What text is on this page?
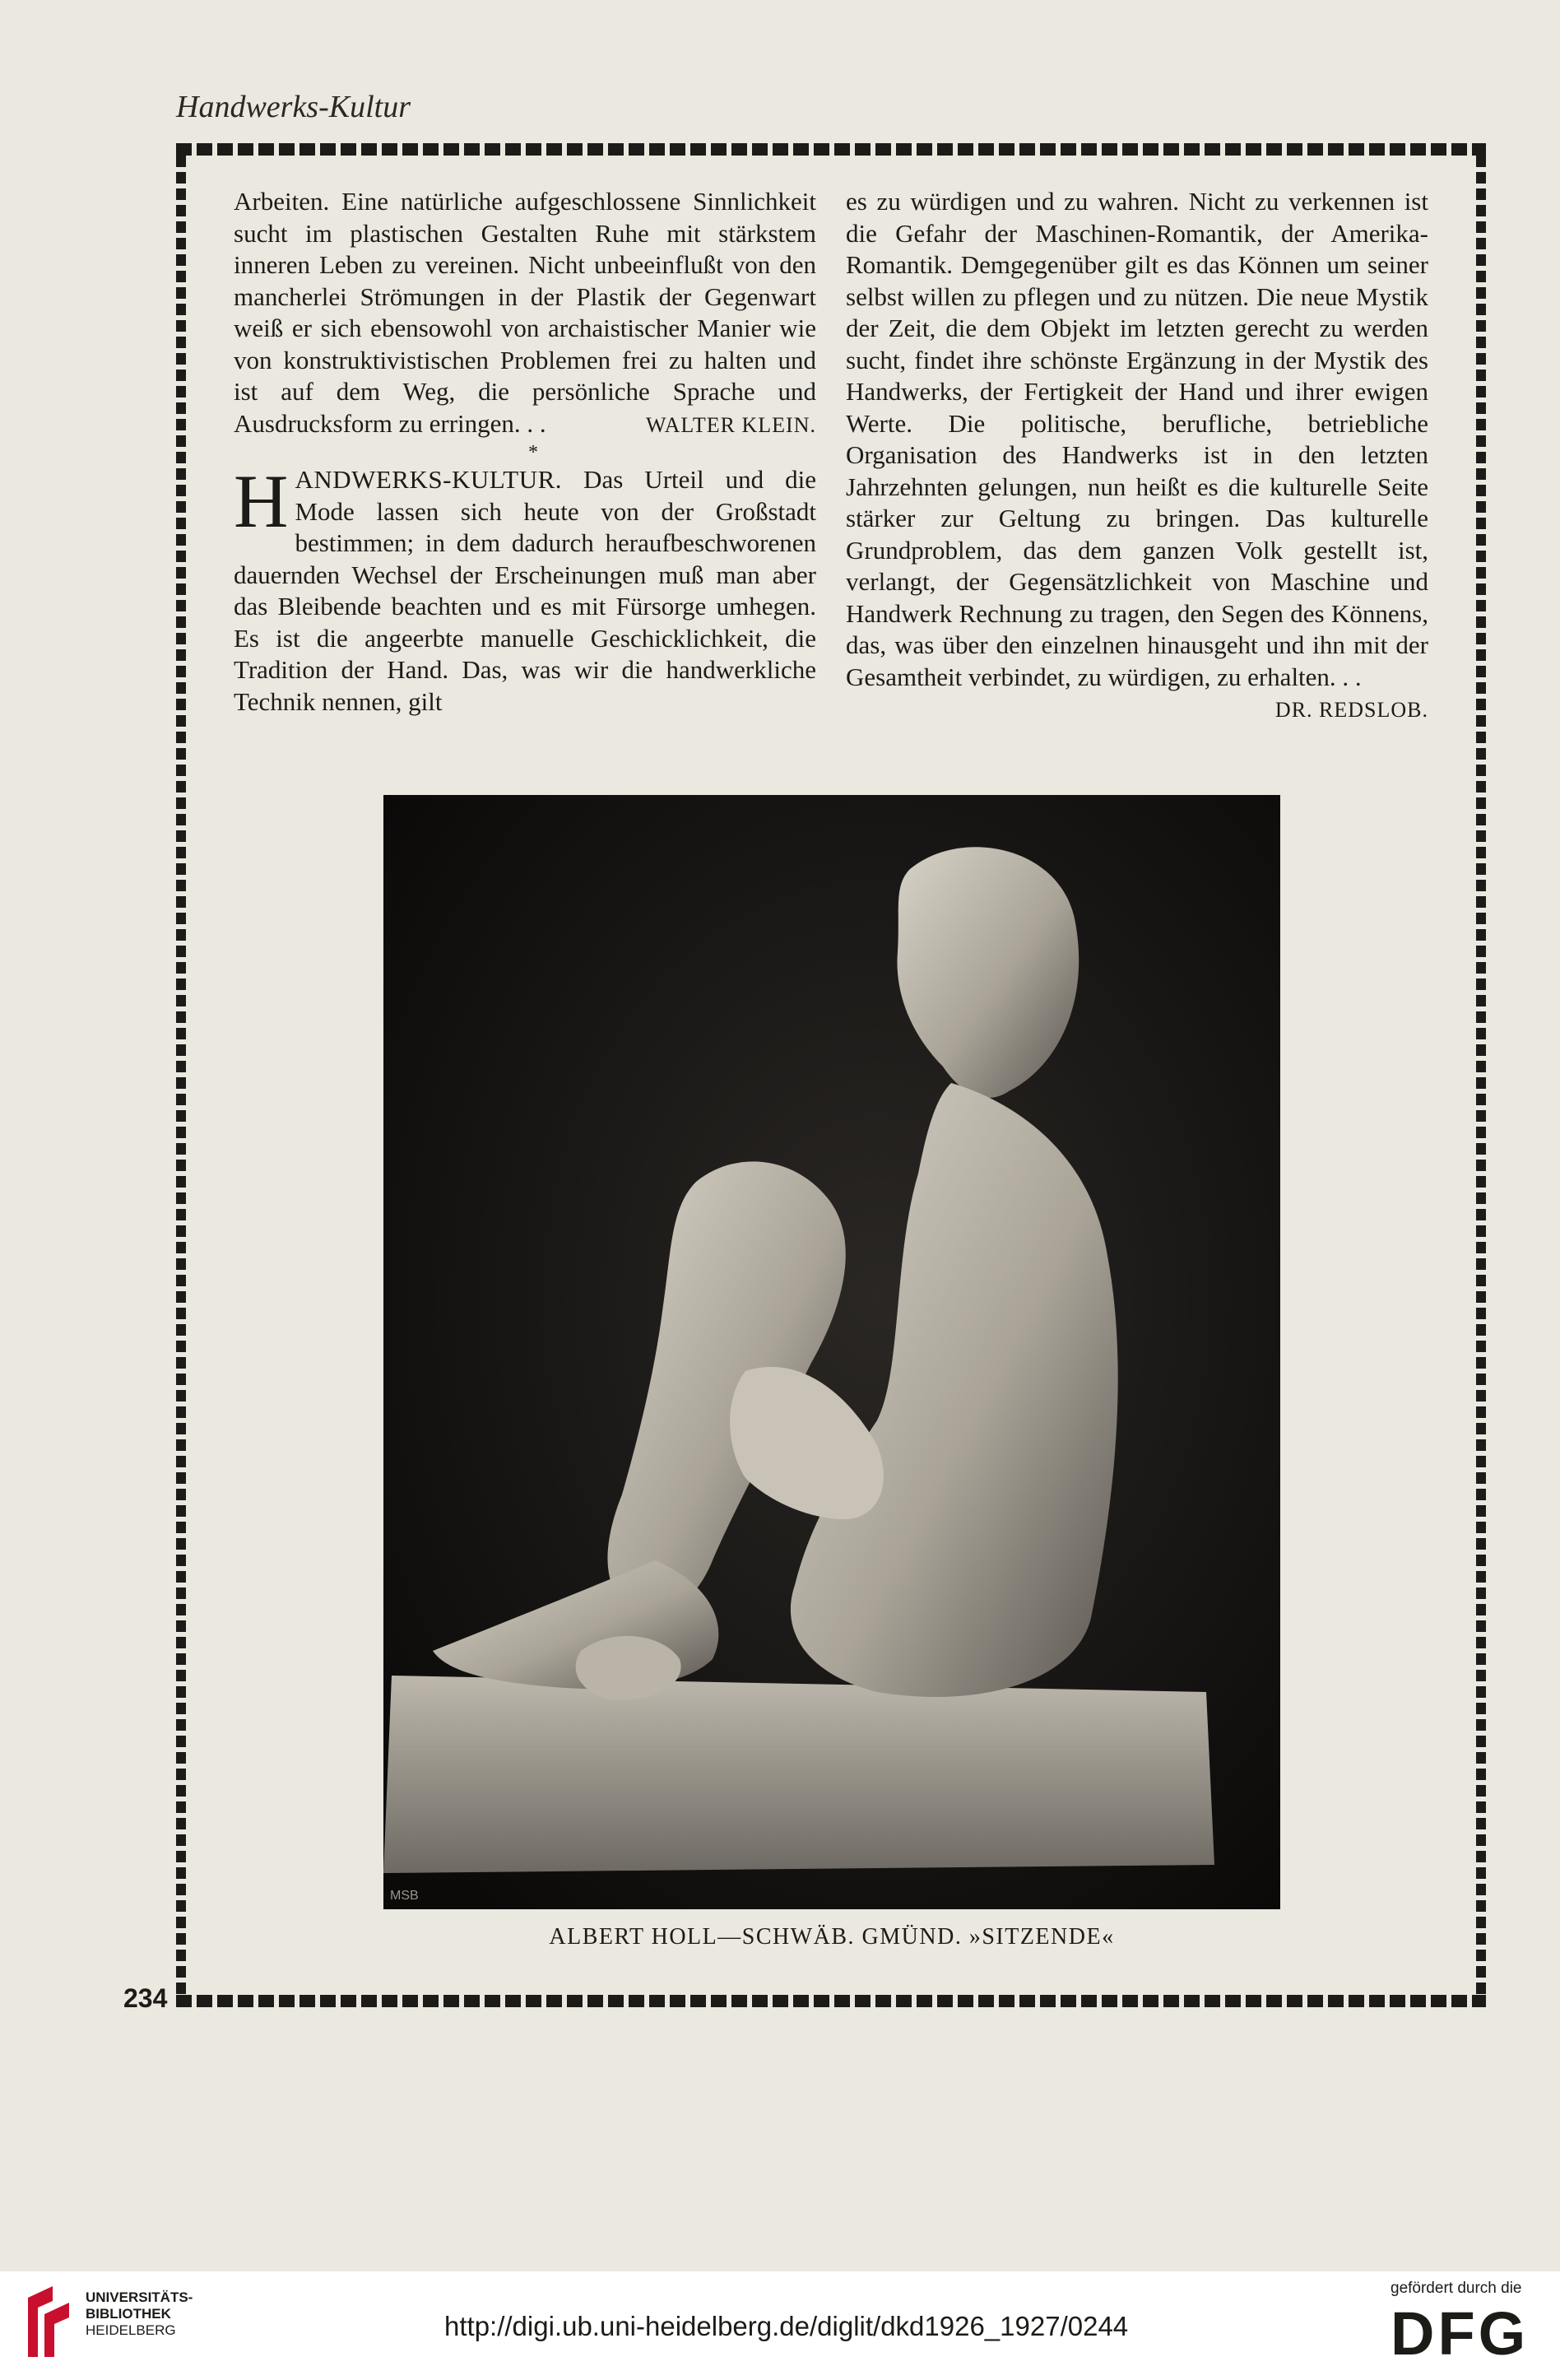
Handwerks-Kultur
234

Arbeiten. Eine natürliche aufgeschlossene Sinnlichkeit sucht im plastischen Gestalten Ruhe mit stärkstem inneren Leben zu vereinen. Nicht unbeeinflußt von den mancherlei Strömungen in der Plastik der Gegenwart weiß er sich ebensowohl von archaistischer Manier wie von konstruktivistischen Problemen frei zu halten und ist auf dem Weg, die persönliche Sprache und Ausdrucksform zu erringen. . .	WALTER KLEIN.

*

HANDWERKS-KULTUR. Das Urteil und die Mode lassen sich heute von der Großstadt bestimmen; in dem dadurch heraufbeschworenen dauernden Wechsel der Erscheinungen muß man aber das Bleibende beachten und es mit Fürsorge umhegen. Es ist die angeerbte manuelle Geschicklichkeit, die Tradition der Hand. Das, was wir die handwerkliche Technik nennen, gilt

es zu würdigen und zu wahren. Nicht zu verkennen ist die Gefahr der Maschinen-Romantik, der Amerika-Romantik. Demgegenüber gilt es das Können um seiner selbst willen zu pflegen und zu nützen. Die neue Mystik der Zeit, die dem Objekt im letzten gerecht zu werden sucht, findet ihre schönste Ergänzung in der Mystik des Handwerks, der Fertigkeit der Hand und ihrer ewigen Werte. Die politische, berufliche, betriebliche Organisation des Handwerks ist in den letzten Jahrzehnten gelungen, nun heißt es die kulturelle Seite stärker zur Geltung zu bringen. Das kulturelle Grundproblem, das dem ganzen Volk gestellt ist, verlangt, der Gegensätzlichkeit von Maschine und Handwerk Rechnung zu tragen, den Segen des Könnens, das, was über den einzelnen hinausgeht und ihn mit der Gesamtheit verbindet, zu würdigen, zu erhalten. . .
DR. REDSLOB.

MSB
ALBERT HOLL—SCHWÄB. GMÜND. »SITZENDE«
UNIVERSITÄTS-
BIBLIOTHEK
HEIDELBERG	http://digi.ub.uni-heidelberg.de/diglit/dkd1926_1927/0244
gefördert durch die
DFG
